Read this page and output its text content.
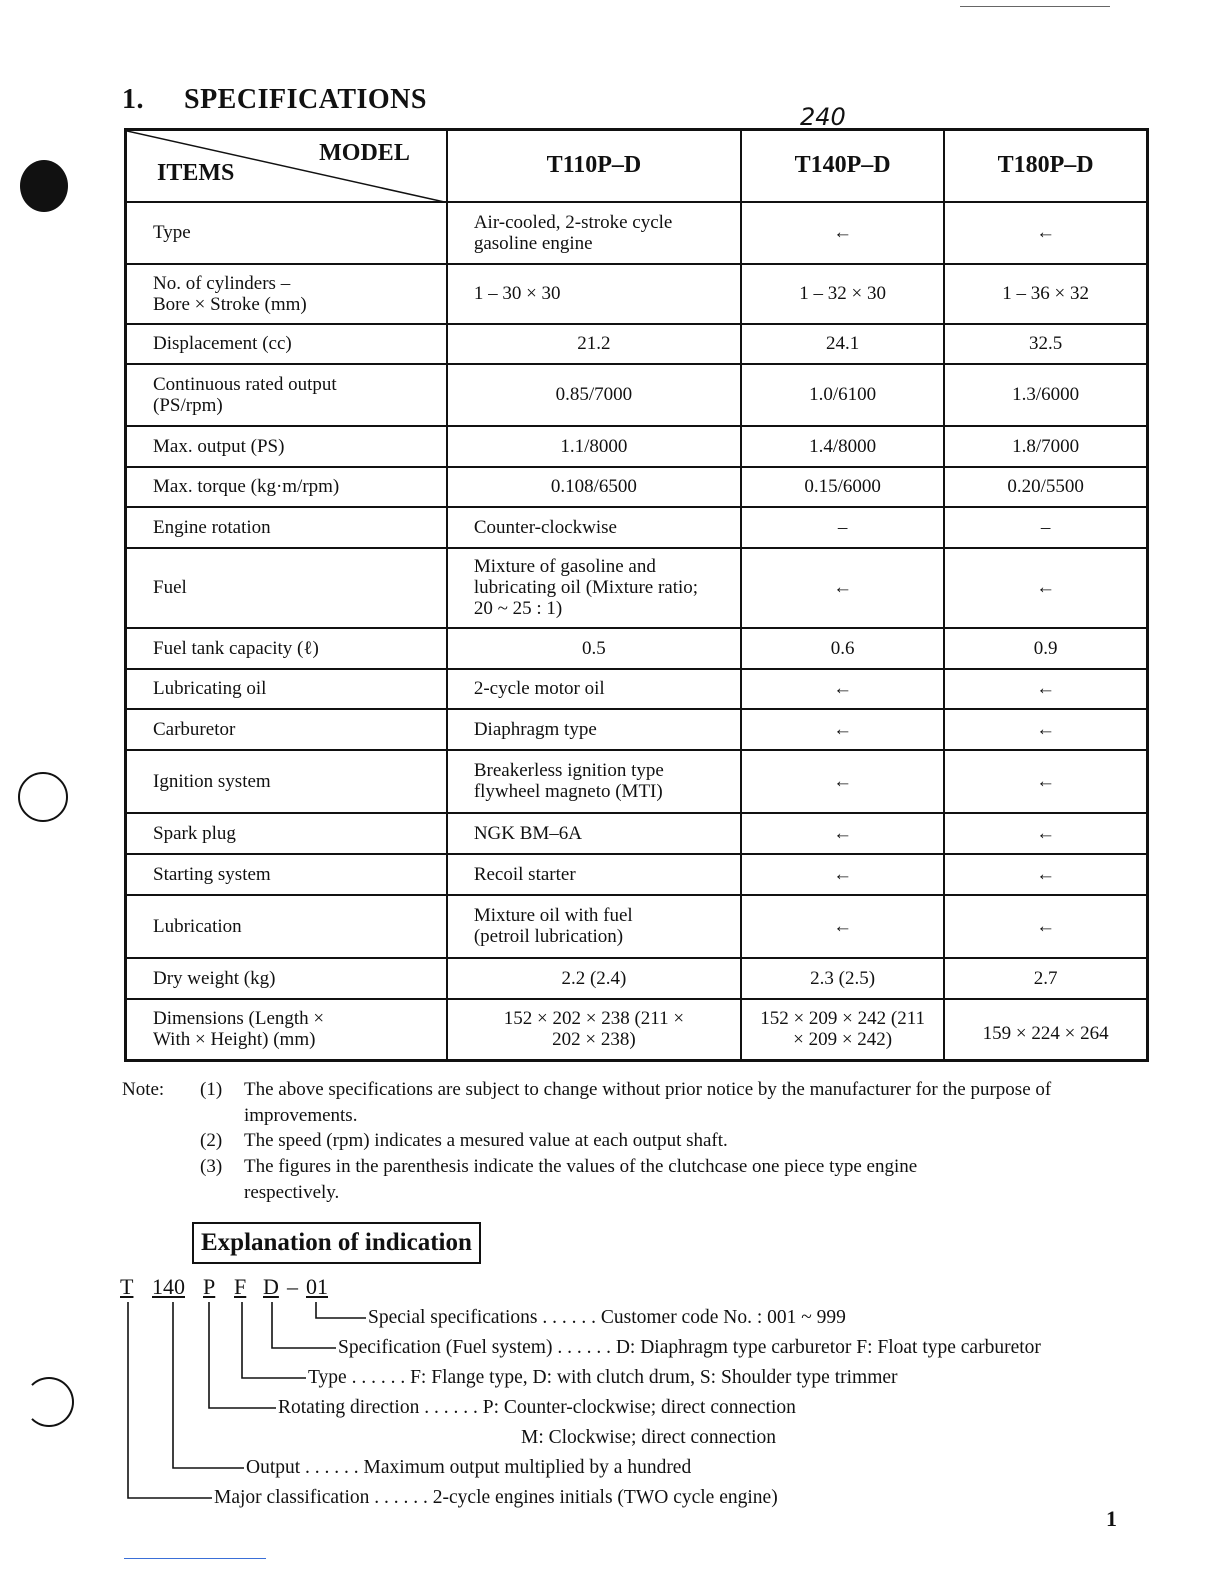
1. SPECIFICATIONS
240
MODEL
ITEMS	T110P–D	T140P–D	T180P–D
Type	Air-cooled, 2-stroke cycle gasoline engine	←	←
No. of cylinders – Bore × Stroke (mm)	1 – 30 × 30	1 – 32 × 30	1 – 36 × 32
Displacement (cc)	21.2	24.1	32.5
Continuous rated output (PS/rpm)	0.85/7000	1.0/6100	1.3/6000
Max. output (PS)	1.1/8000	1.4/8000	1.8/7000
Max. torque (kg·m/rpm)	0.108/6500	0.15/6000	0.20/5500
Engine rotation	Counter-clockwise	–	–
Fuel	Mixture of gasoline and lubricating oil (Mixture ratio; 20 ~ 25 : 1)	←	←
Fuel tank capacity (ℓ)	0.5	0.6	0.9
Lubricating oil	2-cycle motor oil	←	←
Carburetor	Diaphragm type	←	←
Ignition system	Breakerless ignition type flywheel magneto (MTI)	←	←
Spark plug	NGK BM–6A	←	←
Starting system	Recoil starter	←	←
Lubrication	Mixture oil with fuel (petroil lubrication)	←	←
Dry weight (kg)	2.2 (2.4)	2.3 (2.5)	2.7
Dimensions (Length × With × Height) (mm)	152 × 202 × 238 (211 × 202 × 238)	152 × 209 × 242 (211 × 209 × 242)	159 × 224 × 264
Note:	(1)	The above specifications are subject to change without prior notice by the manufacturer for the purpose of improvements.
(2)	The speed (rpm) indicates a mesured value at each output shaft.
(3)	The figures in the parenthesis indicate the values of the clutchcase one piece type engine respectively.
Explanation of indication
T 140 P F D – 01
Special specifications . . . . . . Customer code No. : 001 ~ 999
Specification (Fuel system) . . . . . . D: Diaphragm type carburetor F: Float type carburetor
Type . . . . . . F: Flange type, D: with clutch drum, S: Shoulder type trimmer
Rotating direction . . . . . . P: Counter-clockwise; direct connection
M: Clockwise; direct connection
Output . . . . . . Maximum output multiplied by a hundred
Major classification . . . . . . 2-cycle engines initials (TWO cycle engine)
1
